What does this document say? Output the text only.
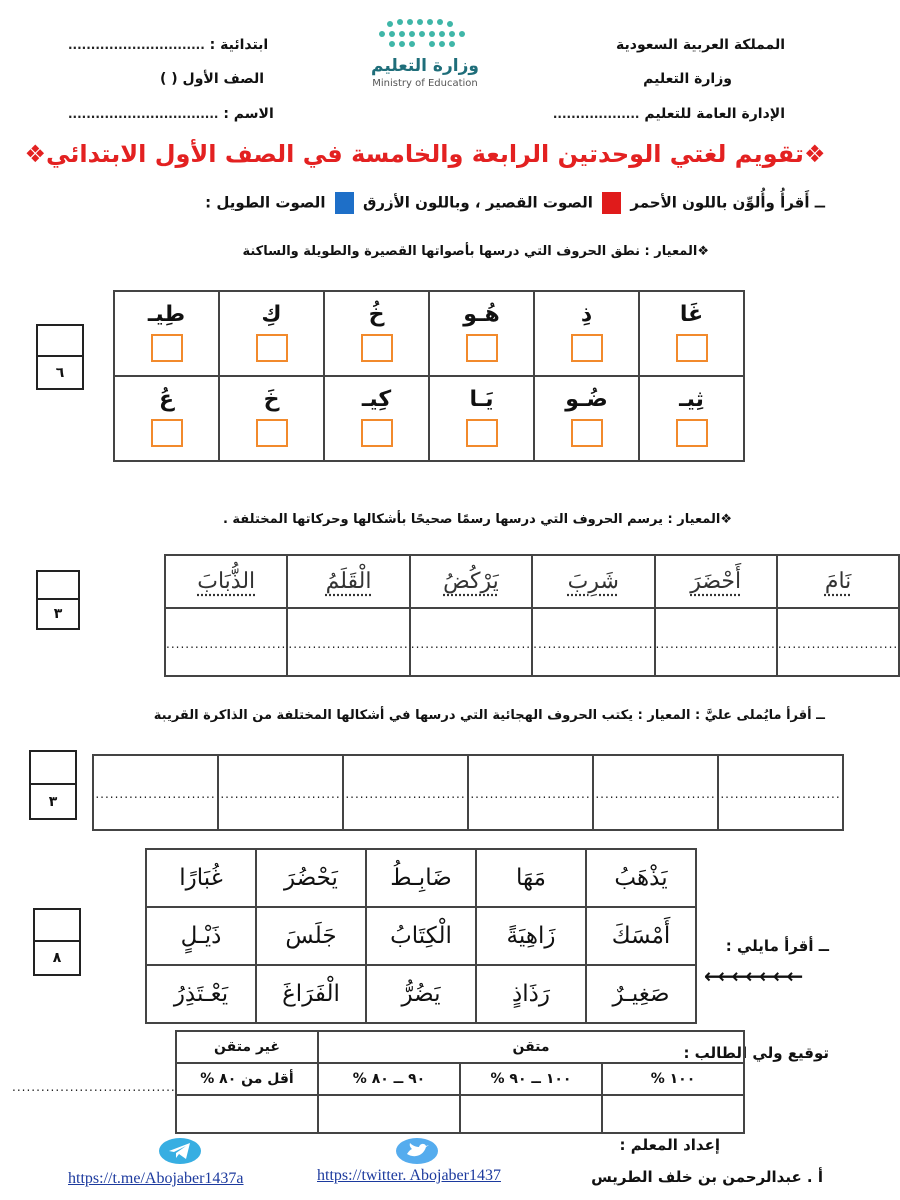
المملكة العربية السعودية
وزارة التعليم
الإدارة العامة للتعليم ...................
ابتدائية : ..............................
الصف الأول ( )
الاسم : .................................
وزارة التعليم
Ministry of Education
❖تقويم لغتي الوحدتين الرابعة والخامسة في الصف الأول الابتدائي❖
ــ أَقرأُ وأُلوِّن باللون الأحمر  الصوت القصير ، وباللون الأزرق  الصوت الطويل :
❖المعيار : نطق الحروف التي درسها بأصواتها القصيرة والطويلة والساكنة
طِيـ	كِ	خُ	هُـو	ذِ	غَا

عُ	خَ	كِيـ	يَـا	ضُـو	ثِيـ
٦
❖المعيار : يرسم الحروف التي درسها رسمًا صحيحًا بأشكالها وحركاتها المختلفة .
الذُّبَابَ	الْقَلَمُ	يَرْكُضُ	شَرِبَ	أَحْضَرَ	نَامَ
.........................	.........................	.........................	.........................	.........................	.........................
٣
ــ أقرأ مايُملى عليَّ : المعيار : يكتب الحروف الهجائية التي درسها في أشكالها المختلفة من الذاكرة القريبة
.........................	.........................	.........................	.........................	.........................	.........................
٣
غُبَارًا	يَحْضُرَ	ضَابِـطُ	مَهَا	يَذْهَبُ
ذَيْـلٍ	جَلَسَ	الْكِتَابُ	زَاهِيَةً	أَمْسَكَ
يَعْـتَذِرُ	الْفَرَاغَ	يَضُرُّ	رَذَاذٍ	صَغِيـرٌ
ــ أقرأ مايلي :
←←←←←←←
٨
توقيع ولي الطالب :
..................................
غير متقن	متقن		
أقل من ٨٠ %	٩٠ ــ ٨٠ %	١٠٠ ــ ٩٠ %	١٠٠ %

إعداد المعلم :
أ . عبدالرحمن بن خلف الطريس
https://twitter. Abojaber1437
https://t.me/Abojaber1437a
